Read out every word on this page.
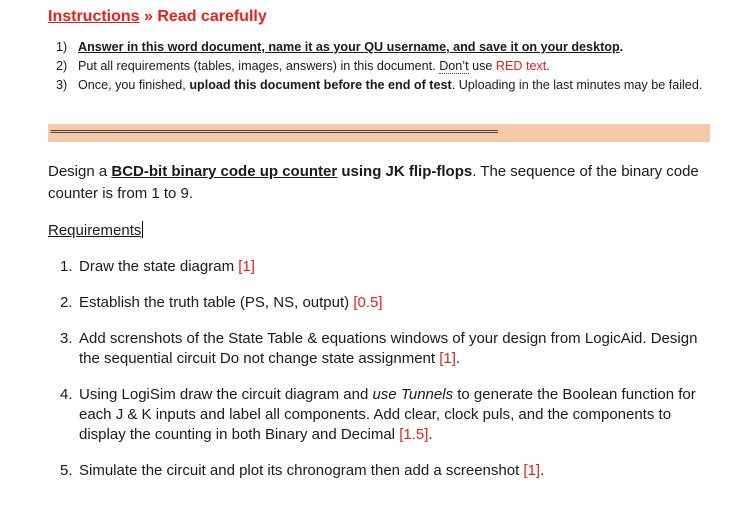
Instructions » Read carefully
1) Answer in this word document, name it as your QU username, and save it on your desktop.
2) Put all requirements (tables, images, answers) in this document. Don’t use RED text.
3) Once, you finished, upload this document before the end of test. Uploading in the last minutes may be failed.
=================================================================================
Design a BCD-bit binary code up counter using JK flip-flops. The sequence of the binary code counter is from 1 to 9.
Requirements
1. Draw the state diagram [1]
2. Establish the truth table (PS, NS, output) [0.5]
3. Add screnshots of the State Table & equations windows of your design from LogicAid. Design the sequential circuit Do not change state assignment [1].
4. Using LogiSim draw the circuit diagram and use Tunnels to generate the Boolean function for each J & K inputs and label all components. Add clear, clock puls, and the components to display the counting in both Binary and Decimal [1.5].
5. Simulate the circuit and plot its chronogram then add a screenshot [1].
